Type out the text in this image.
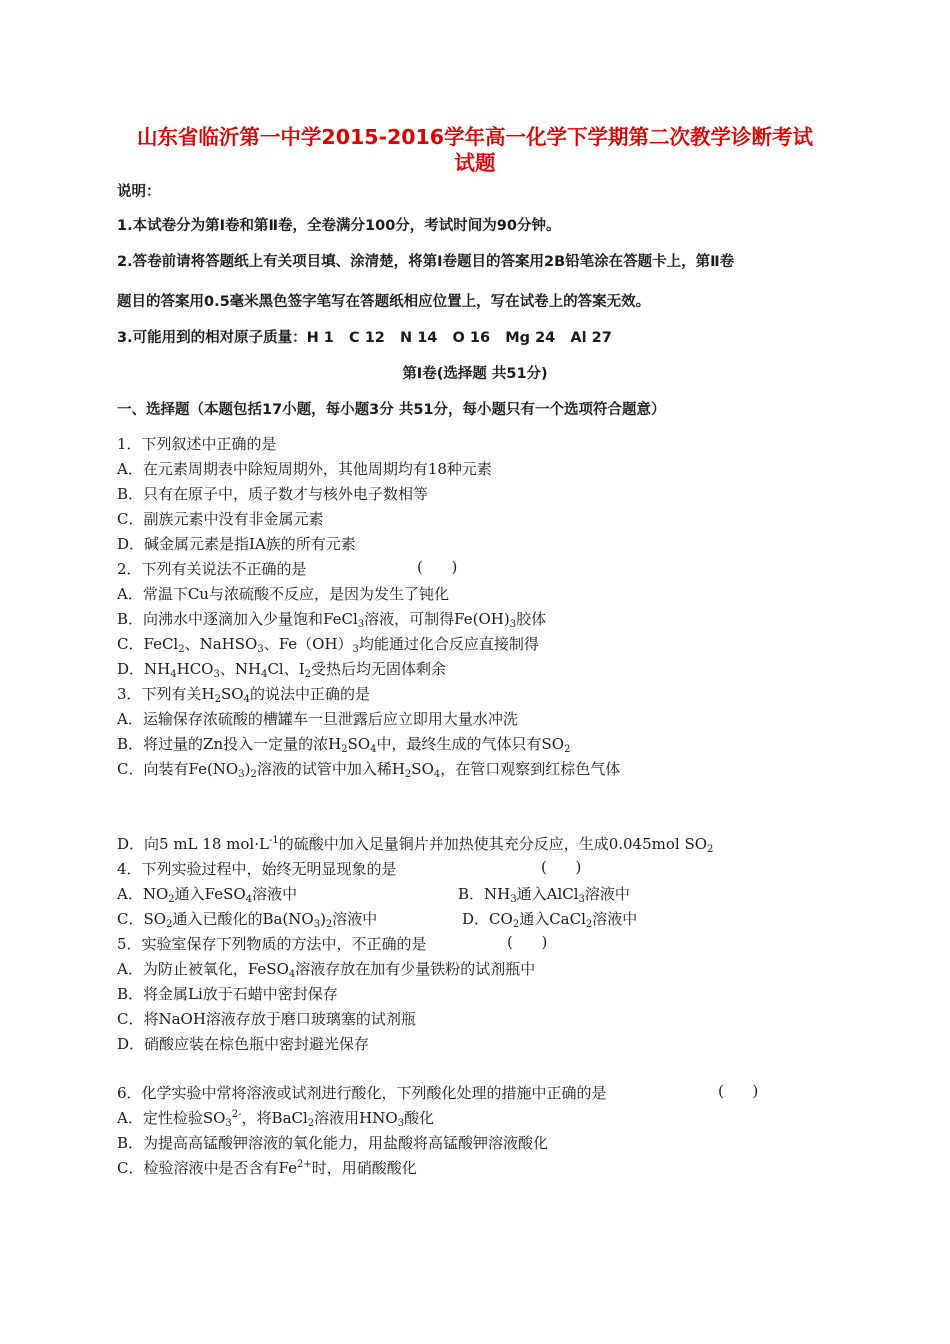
山东省临沂第一中学2015-2016学年高一化学下学期第二次教学诊断考试
试题
说明：
1.本试卷分为第Ⅰ卷和第Ⅱ卷，全卷满分100分，考试时间为90分钟。
2.答卷前请将答题纸上有关项目填、涂清楚，将第Ⅰ卷题目的答案用2B铅笔涂在答题卡上，第Ⅱ卷
题目的答案用0.5毫米黑色签字笔写在答题纸相应位置上，写在试卷上的答案无效。
3.可能用到的相对原子质量：H 1   C 12   N 14   O 16   Mg 24   Al 27
第Ⅰ卷(选择题 共51分)
一、选择题（本题包括17小题，每小题3分 共51分，每小题只有一个选项符合题意）
1．下列叙述中正确的是
A．在元素周期表中除短周期外，其他周期均有18种元素
B．只有在原子中，质子数才与核外电子数相等
C．副族元素中没有非金属元素
D．碱金属元素是指IA族的所有元素
2．下列有关说法不正确的是	(      )
A．常温下Cu与浓硫酸不反应，是因为发生了钝化
B．向沸水中逐滴加入少量饱和FeCl$_3$溶液，可制得$Fe(OH)_3$胶体
C．FeCl$_2$、NaHSO$_3$、$Fe(OH)_3$均能通过化合反应直接制得
D．$NH_4HCO_3$、$NH_4Cl$、$I_2$受热后均无固体剩余
3．下列有关$H_2SO_4$的说法中正确的是
A．运输保存浓硫酸的槽罐车一旦泄露后应立即用大量水冲洗
B．将过量的Zn投入一定量的浓$H_2SO_4$中，最终生成的气体只有$SO_2$
C．向装有$Fe(NO_3)_2$溶液的试管中加入稀$H_2SO_4$，在管口观察到红棕色气体
D．向5 mL 18 $mol\cdot L^{-1}$的硫酸中加入足量铜片并加热使其充分反应，生成0.045mol $SO_2$
4．下列实验过程中，始终无明显现象的是	(      )
A．$NO_2$通入FeSO$_4$溶液中	B．$NH_3$通入AlCl$_3$溶液中
C．$SO_2$通入已酸化的$Ba(NO_3)_2$溶液中	D．$CO_2$通入CaCl$_2$溶液中
5．实验室保存下列物质的方法中，不正确的是	(      )
A．为防止被氧化，FeSO$_4$溶液存放在加有少量铁粉的试剂瓶中
B．将金属Li放于石蜡中密封保存
C．将NaOH溶液存放于磨口玻璃塞的试剂瓶
D．硝酸应装在棕色瓶中密封避光保存
6．化学实验中常将溶液或试剂进行酸化，下列酸化处理的措施中正确的是	(      )
A．定性检验$SO_3^{2-}$，将BaCl$_2$溶液用$HNO_3$酸化
B．为提高高锰酸钾溶液的氧化能力，用盐酸将高锰酸钾溶液酸化
C．检验溶液中是否含有$Fe^{2+}$时，用硝酸酸化
